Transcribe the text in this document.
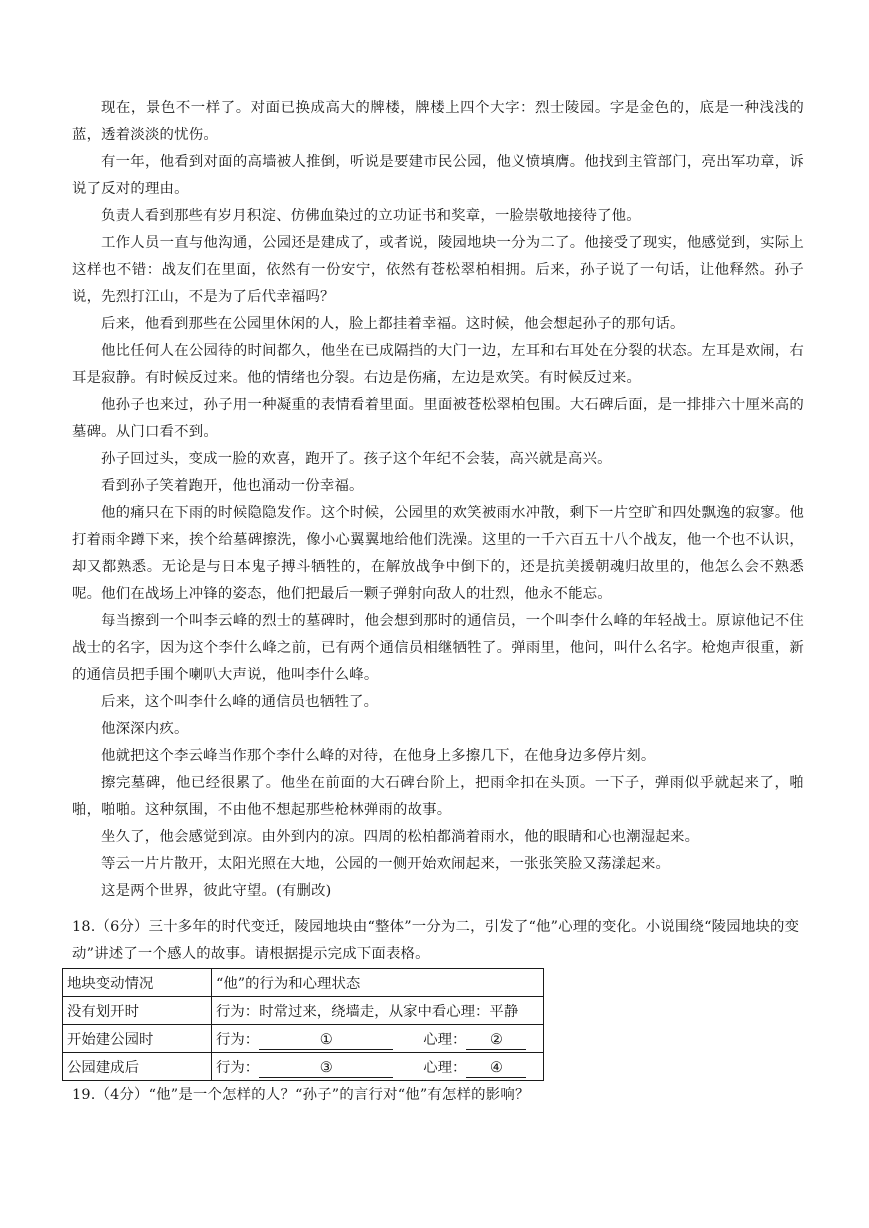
现在，景色不一样了。对面已换成高大的牌楼，牌楼上四个大字：烈士陵园。字是金色的，底是一种浅浅的蓝，透着淡淡的忧伤。

有一年，他看到对面的高墙被人推倒，听说是要建市民公园，他义愤填膺。他找到主管部门，亮出军功章，诉说了反对的理由。

负责人看到那些有岁月积淀、仿佛血染过的立功证书和奖章，一脸崇敬地接待了他。

工作人员一直与他沟通，公园还是建成了，或者说，陵园地块一分为二了。他接受了现实，他感觉到，实际上这样也不错：战友们在里面，依然有一份安宁，依然有苍松翠柏相拥。后来，孙子说了一句话，让他释然。孙子说，先烈打江山，不是为了后代幸福吗？

后来，他看到那些在公园里休闲的人，脸上都挂着幸福。这时候，他会想起孙子的那句话。

他比任何人在公园待的时间都久，他坐在已成隔挡的大门一边，左耳和右耳处在分裂的状态。左耳是欢闹，右耳是寂静。有时候反过来。他的情绪也分裂。右边是伤痛，左边是欢笑。有时候反过来。

他孙子也来过，孙子用一种凝重的表情看着里面。里面被苍松翠柏包围。大石碑后面，是一排排六十厘米高的墓碑。从门口看不到。

孙子回过头，变成一脸的欢喜，跑开了。孩子这个年纪不会装，高兴就是高兴。

看到孙子笑着跑开，他也涌动一份幸福。

他的痛只在下雨的时候隐隐发作。这个时候，公园里的欢笑被雨水冲散，剩下一片空旷和四处飘逸的寂寥。他打着雨伞蹲下来，挨个给墓碑擦洗，像小心翼翼地给他们洗澡。这里的一千六百五十八个战友，他一个也不认识，却又都熟悉。无论是与日本鬼子搏斗牺牲的，在解放战争中倒下的，还是抗美援朝魂归故里的，他怎么会不熟悉呢。他们在战场上冲锋的姿态，他们把最后一颗子弹射向敌人的壮烈，他永不能忘。

每当擦到一个叫李云峰的烈士的墓碑时，他会想到那时的通信员，一个叫李什么峰的年轻战士。原谅他记不住战士的名字，因为这个李什么峰之前，已有两个通信员相继牺牲了。弹雨里，他问，叫什么名字。枪炮声很重，新的通信员把手围个喇叭大声说，他叫李什么峰。

后来，这个叫李什么峰的通信员也牺牲了。

他深深内疚。

他就把这个李云峰当作那个李什么峰的对待，在他身上多擦几下，在他身边多停片刻。

擦完墓碑，他已经很累了。他坐在前面的大石碑台阶上，把雨伞扣在头顶。一下子，弹雨似乎就起来了，啪啪，啪啪。这种氛围，不由他不想起那些枪林弹雨的故事。

坐久了，他会感觉到凉。由外到内的凉。四周的松柏都淌着雨水，他的眼睛和心也潮湿起来。

等云一片片散开，太阳光照在大地，公园的一侧开始欢闹起来，一张张笑脸又荡漾起来。

这是两个世界，彼此守望。(有删改)

18.（6分）三十多年的时代变迁，陵园地块由“整体”一分为二，引发了“他”心理的变化。小说围绕“陵园地块的变动”讲述了一个感人的故事。请根据提示完成下面表格。

地块变动情况	“他”的行为和心理状态
没有划开时	行为：时常过来，绕墙走，从家中看心理：平静
开始建公园时	行为： ① 心理： ②
公园建成后	行为： ③ 心理： ④

19.（4分）“他”是一个怎样的人？“孙子”的言行对“他”有怎样的影响？
